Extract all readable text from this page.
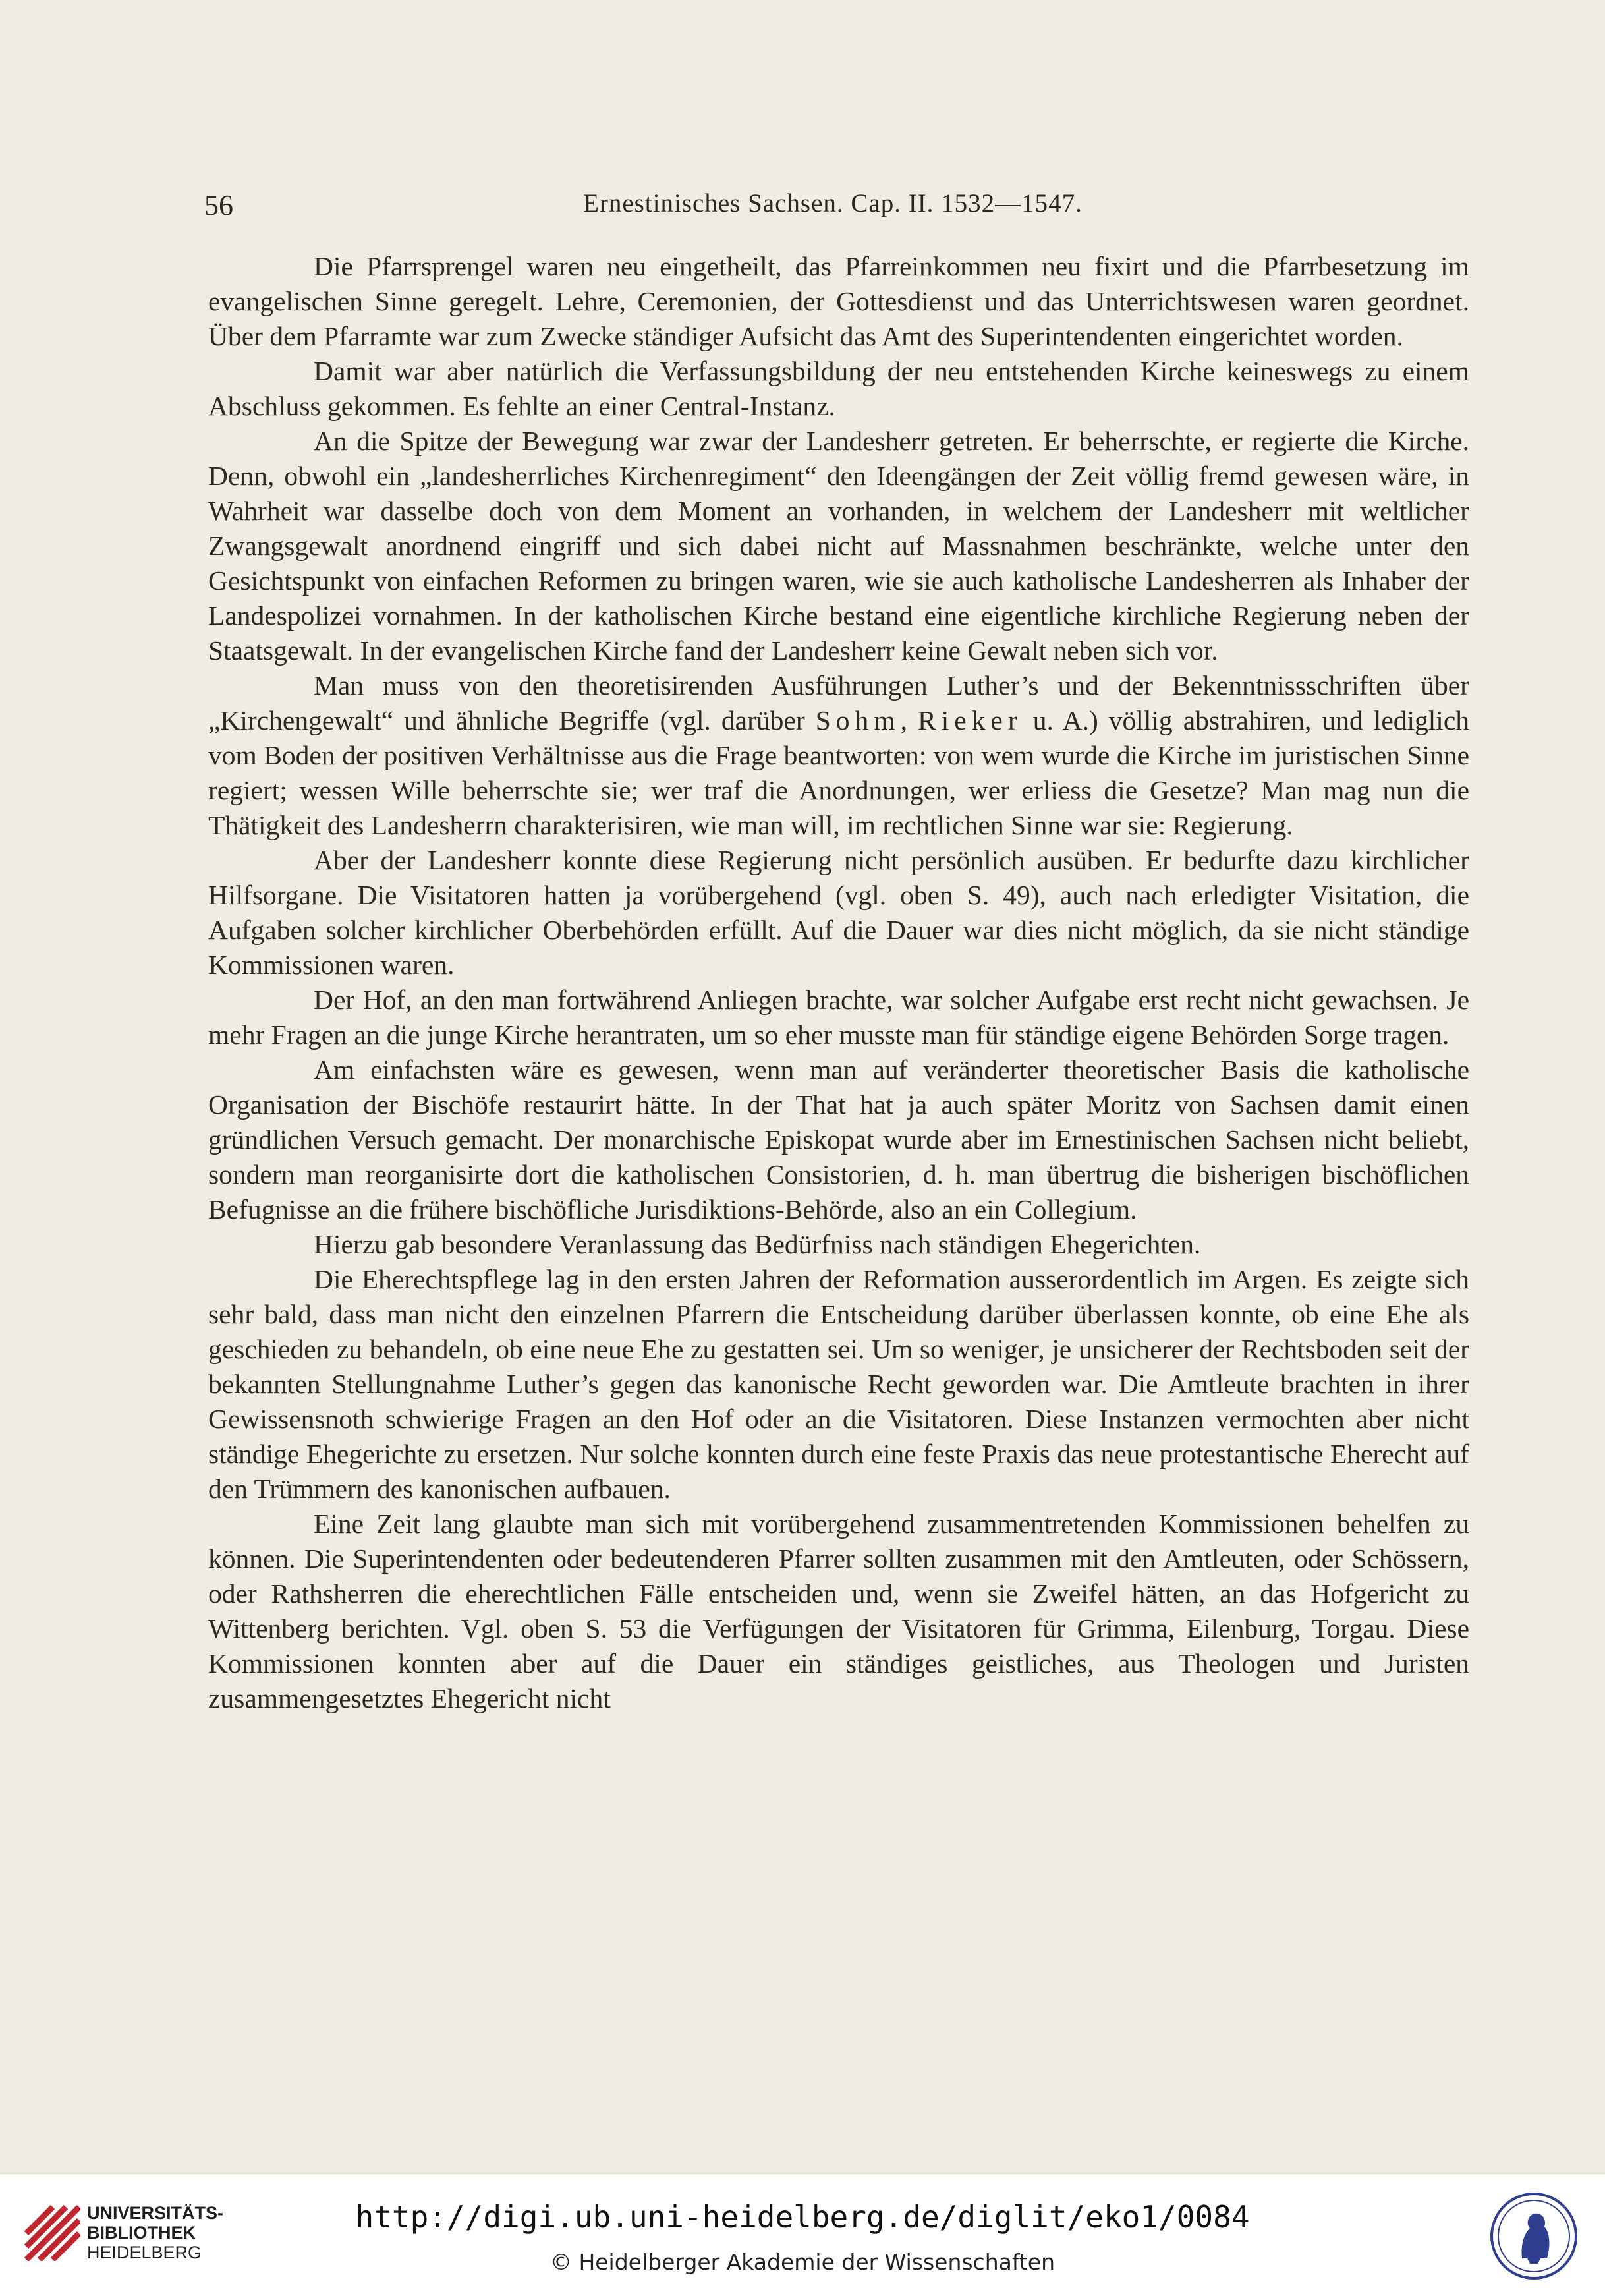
56	Ernestinisches Sachsen. Cap. II. 1532—1547.

Die Pfarrsprengel waren neu eingetheilt, das Pfarreinkommen neu fixirt und die Pfarrbesetzung im evangelischen Sinne geregelt. Lehre, Ceremonien, der Gottesdienst und das Unterrichtswesen waren geordnet. Über dem Pfarramte war zum Zwecke ständiger Aufsicht das Amt des Superintendenten eingerichtet worden.

Damit war aber natürlich die Verfassungsbildung der neu entstehenden Kirche keineswegs zu einem Abschluss gekommen. Es fehlte an einer Central-Instanz.

An die Spitze der Bewegung war zwar der Landesherr getreten. Er beherrschte, er regierte die Kirche. Denn, obwohl ein „landesherrliches Kirchenregiment“ den Ideengängen der Zeit völlig fremd gewesen wäre, in Wahrheit war dasselbe doch von dem Moment an vorhanden, in welchem der Landesherr mit weltlicher Zwangsgewalt anordnend eingriff und sich dabei nicht auf Massnahmen beschränkte, welche unter den Gesichtspunkt von einfachen Reformen zu bringen waren, wie sie auch katholische Landesherren als Inhaber der Landespolizei vornahmen. In der katholischen Kirche bestand eine eigentliche kirchliche Regierung neben der Staatsgewalt. In der evangelischen Kirche fand der Landesherr keine Gewalt neben sich vor.

Man muss von den theoretisirenden Ausführungen Luther’s und der Bekenntnissschriften über „Kirchengewalt“ und ähnliche Begriffe (vgl. darüber Sohm, Rieker u. A.) völlig abstrahiren, und lediglich vom Boden der positiven Verhältnisse aus die Frage beantworten: von wem wurde die Kirche im juristischen Sinne regiert; wessen Wille beherrschte sie; wer traf die Anordnungen, wer erliess die Gesetze? Man mag nun die Thätigkeit des Landesherrn charakterisiren, wie man will, im rechtlichen Sinne war sie: Regierung.

Aber der Landesherr konnte diese Regierung nicht persönlich ausüben. Er bedurfte dazu kirchlicher Hilfsorgane. Die Visitatoren hatten ja vorübergehend (vgl. oben S. 49), auch nach erledigter Visitation, die Aufgaben solcher kirchlicher Oberbehörden erfüllt. Auf die Dauer war dies nicht möglich, da sie nicht ständige Kommissionen waren.

Der Hof, an den man fortwährend Anliegen brachte, war solcher Aufgabe erst recht nicht gewachsen. Je mehr Fragen an die junge Kirche herantraten, um so eher musste man für ständige eigene Behörden Sorge tragen.

Am einfachsten wäre es gewesen, wenn man auf veränderter theoretischer Basis die katholische Organisation der Bischöfe restaurirt hätte. In der That hat ja auch später Moritz von Sachsen damit einen gründlichen Versuch gemacht. Der monarchische Episkopat wurde aber im Ernestinischen Sachsen nicht beliebt, sondern man reorganisirte dort die katholischen Consistorien, d. h. man übertrug die bisherigen bischöflichen Befugnisse an die frühere bischöfliche Jurisdiktions-Behörde, also an ein Collegium.

Hierzu gab besondere Veranlassung das Bedürfniss nach ständigen Ehegerichten.

Die Eherechtspflege lag in den ersten Jahren der Reformation ausserordentlich im Argen. Es zeigte sich sehr bald, dass man nicht den einzelnen Pfarrern die Entscheidung darüber überlassen konnte, ob eine Ehe als geschieden zu behandeln, ob eine neue Ehe zu gestatten sei. Um so weniger, je unsicherer der Rechtsboden seit der bekannten Stellungnahme Luther’s gegen das kanonische Recht geworden war. Die Amtleute brachten in ihrer Gewissensnoth schwierige Fragen an den Hof oder an die Visitatoren. Diese Instanzen vermochten aber nicht ständige Ehegerichte zu ersetzen. Nur solche konnten durch eine feste Praxis das neue protestantische Eherecht auf den Trümmern des kanonischen aufbauen.

Eine Zeit lang glaubte man sich mit vorübergehend zusammentretenden Kommissionen behelfen zu können. Die Superintendenten oder bedeutenderen Pfarrer sollten zusammen mit den Amtleuten, oder Schössern, oder Rathsherren die eherechtlichen Fälle entscheiden und, wenn sie Zweifel hätten, an das Hofgericht zu Wittenberg berichten. Vgl. oben S. 53 die Verfügungen der Visitatoren für Grimma, Eilenburg, Torgau. Diese Kommissionen konnten aber auf die Dauer ein ständiges geistliches, aus Theologen und Juristen zusammengesetztes Ehegericht nicht

UNIVERSITÄTS-
BIBLIOTHEK
HEIDELBERG
http://digi.ub.uni-heidelberg.de/diglit/eko1/0084
© Heidelberger Akademie der Wissenschaften
